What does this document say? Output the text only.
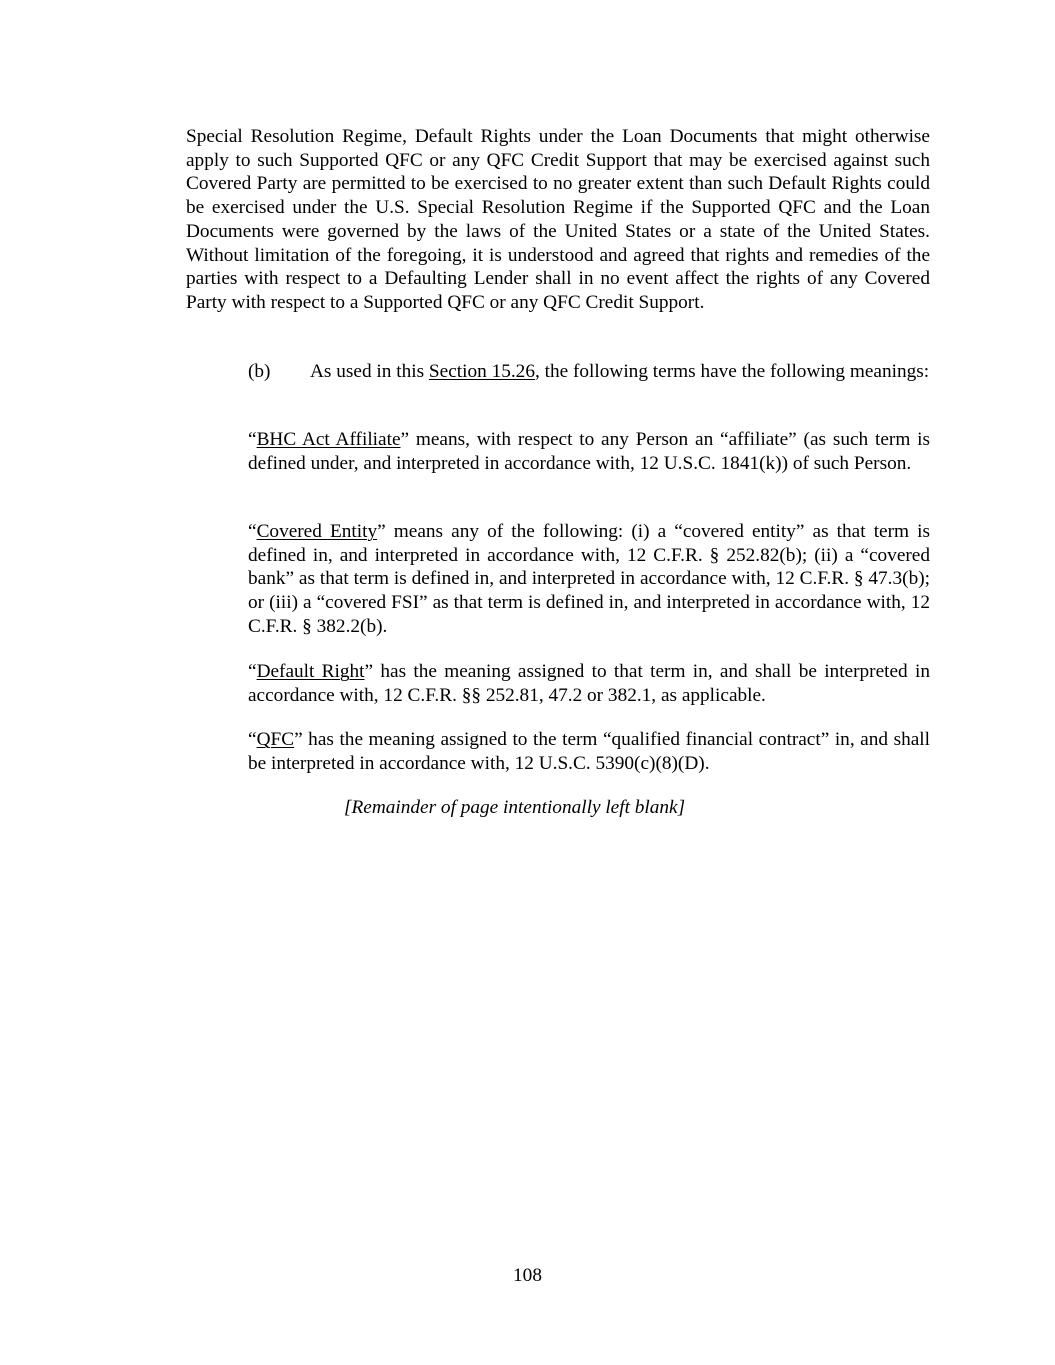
Special Resolution Regime, Default Rights under the Loan Documents that might otherwise apply to such Supported QFC or any QFC Credit Support that may be exercised against such Covered Party are permitted to be exercised to no greater extent than such Default Rights could be exercised under the U.S. Special Resolution Regime if the Supported QFC and the Loan Documents were governed by the laws of the United States or a state of the United States. Without limitation of the foregoing, it is understood and agreed that rights and remedies of the parties with respect to a Defaulting Lender shall in no event affect the rights of any Covered Party with respect to a Supported QFC or any QFC Credit Support.

(b) As used in this Section 15.26, the following terms have the following meanings:

“BHC Act Affiliate” means, with respect to any Person an “affiliate” (as such term is defined under, and interpreted in accordance with, 12 U.S.C. 1841(k)) of such Person.

“Covered Entity” means any of the following: (i) a “covered entity” as that term is defined in, and interpreted in accordance with, 12 C.F.R. § 252.82(b); (ii) a “covered bank” as that term is defined in, and interpreted in accordance with, 12 C.F.R. § 47.3(b); or (iii) a “covered FSI” as that term is defined in, and interpreted in accordance with, 12 C.F.R. § 382.2(b).

“Default Right” has the meaning assigned to that term in, and shall be interpreted in accordance with, 12 C.F.R. §§ 252.81, 47.2 or 382.1, as applicable.

“QFC” has the meaning assigned to the term “qualified financial contract” in, and shall be interpreted in accordance with, 12 U.S.C. 5390(c)(8)(D).

[Remainder of page intentionally left blank]
108
